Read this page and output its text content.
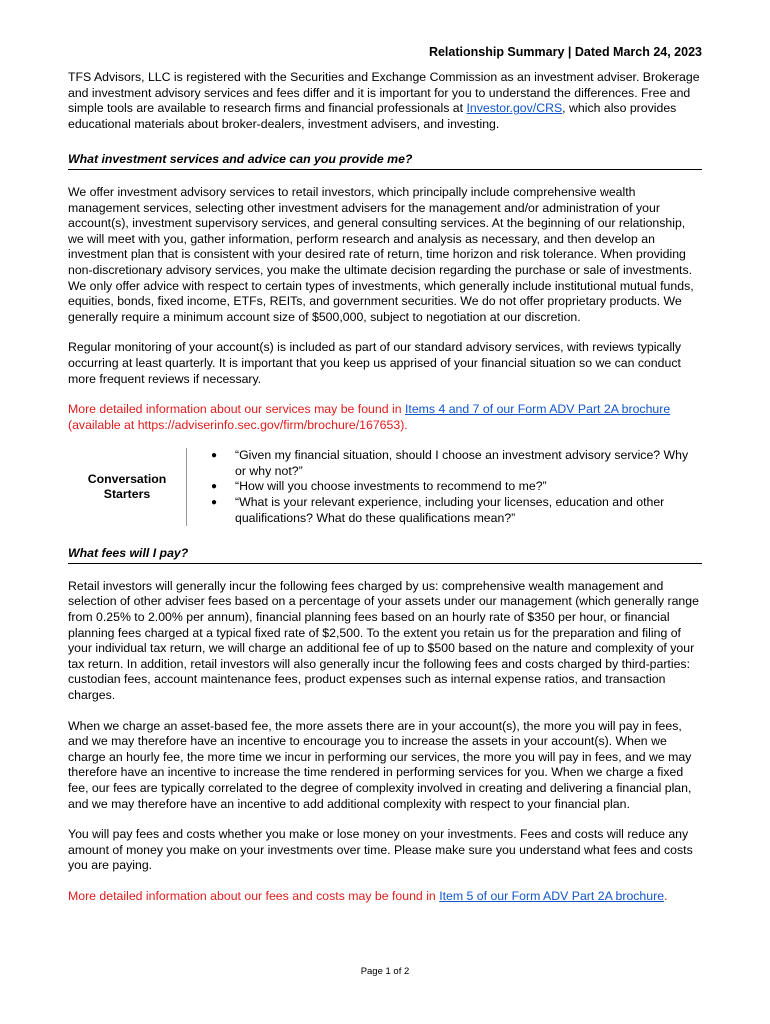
Relationship Summary | Dated March 24, 2023

TFS Advisors, LLC is registered with the Securities and Exchange Commission as an investment adviser. Brokerage and investment advisory services and fees differ and it is important for you to understand the differences. Free and simple tools are available to research firms and financial professionals at Investor.gov/CRS, which also provides educational materials about broker-dealers, investment advisers, and investing.

What investment services and advice can you provide me?

We offer investment advisory services to retail investors, which principally include comprehensive wealth management services, selecting other investment advisers for the management and/or administration of your account(s), investment supervisory services, and general consulting services. At the beginning of our relationship, we will meet with you, gather information, perform research and analysis as necessary, and then develop an investment plan that is consistent with your desired rate of return, time horizon and risk tolerance. When providing non-discretionary advisory services, you make the ultimate decision regarding the purchase or sale of investments. We only offer advice with respect to certain types of investments, which generally include institutional mutual funds, equities, bonds, fixed income, ETFs, REITs, and government securities. We do not offer proprietary products. We generally require a minimum account size of $500,000, subject to negotiation at our discretion.

Regular monitoring of your account(s) is included as part of our standard advisory services, with reviews typically occurring at least quarterly. It is important that you keep us apprised of your financial situation so we can conduct more frequent reviews if necessary.

More detailed information about our services may be found in Items 4 and 7 of our Form ADV Part 2A brochure (available at https://adviserinfo.sec.gov/firm/brochure/167653).

Conversation Starters
● “Given my financial situation, should I choose an investment advisory service? Why or why not?”
● “How will you choose investments to recommend to me?”
● “What is your relevant experience, including your licenses, education and other qualifications? What do these qualifications mean?”
What fees will I pay?

Retail investors will generally incur the following fees charged by us: comprehensive wealth management and selection of other adviser fees based on a percentage of your assets under our management (which generally range from 0.25% to 2.00% per annum), financial planning fees based on an hourly rate of $350 per hour, or financial planning fees charged at a typical fixed rate of $2,500. To the extent you retain us for the preparation and filing of your individual tax return, we will charge an additional fee of up to $500 based on the nature and complexity of your tax return. In addition, retail investors will also generally incur the following fees and costs charged by third-parties: custodian fees, account maintenance fees, product expenses such as internal expense ratios, and transaction charges.

When we charge an asset-based fee, the more assets there are in your account(s), the more you will pay in fees, and we may therefore have an incentive to encourage you to increase the assets in your account(s). When we charge an hourly fee, the more time we incur in performing our services, the more you will pay in fees, and we may therefore have an incentive to increase the time rendered in performing services for you. When we charge a fixed fee, our fees are typically correlated to the degree of complexity involved in creating and delivering a financial plan, and we may therefore have an incentive to add additional complexity with respect to your financial plan.

You will pay fees and costs whether you make or lose money on your investments. Fees and costs will reduce any amount of money you make on your investments over time. Please make sure you understand what fees and costs you are paying.

More detailed information about our fees and costs may be found in Item 5 of our Form ADV Part 2A brochure.

Page 1 of 2
